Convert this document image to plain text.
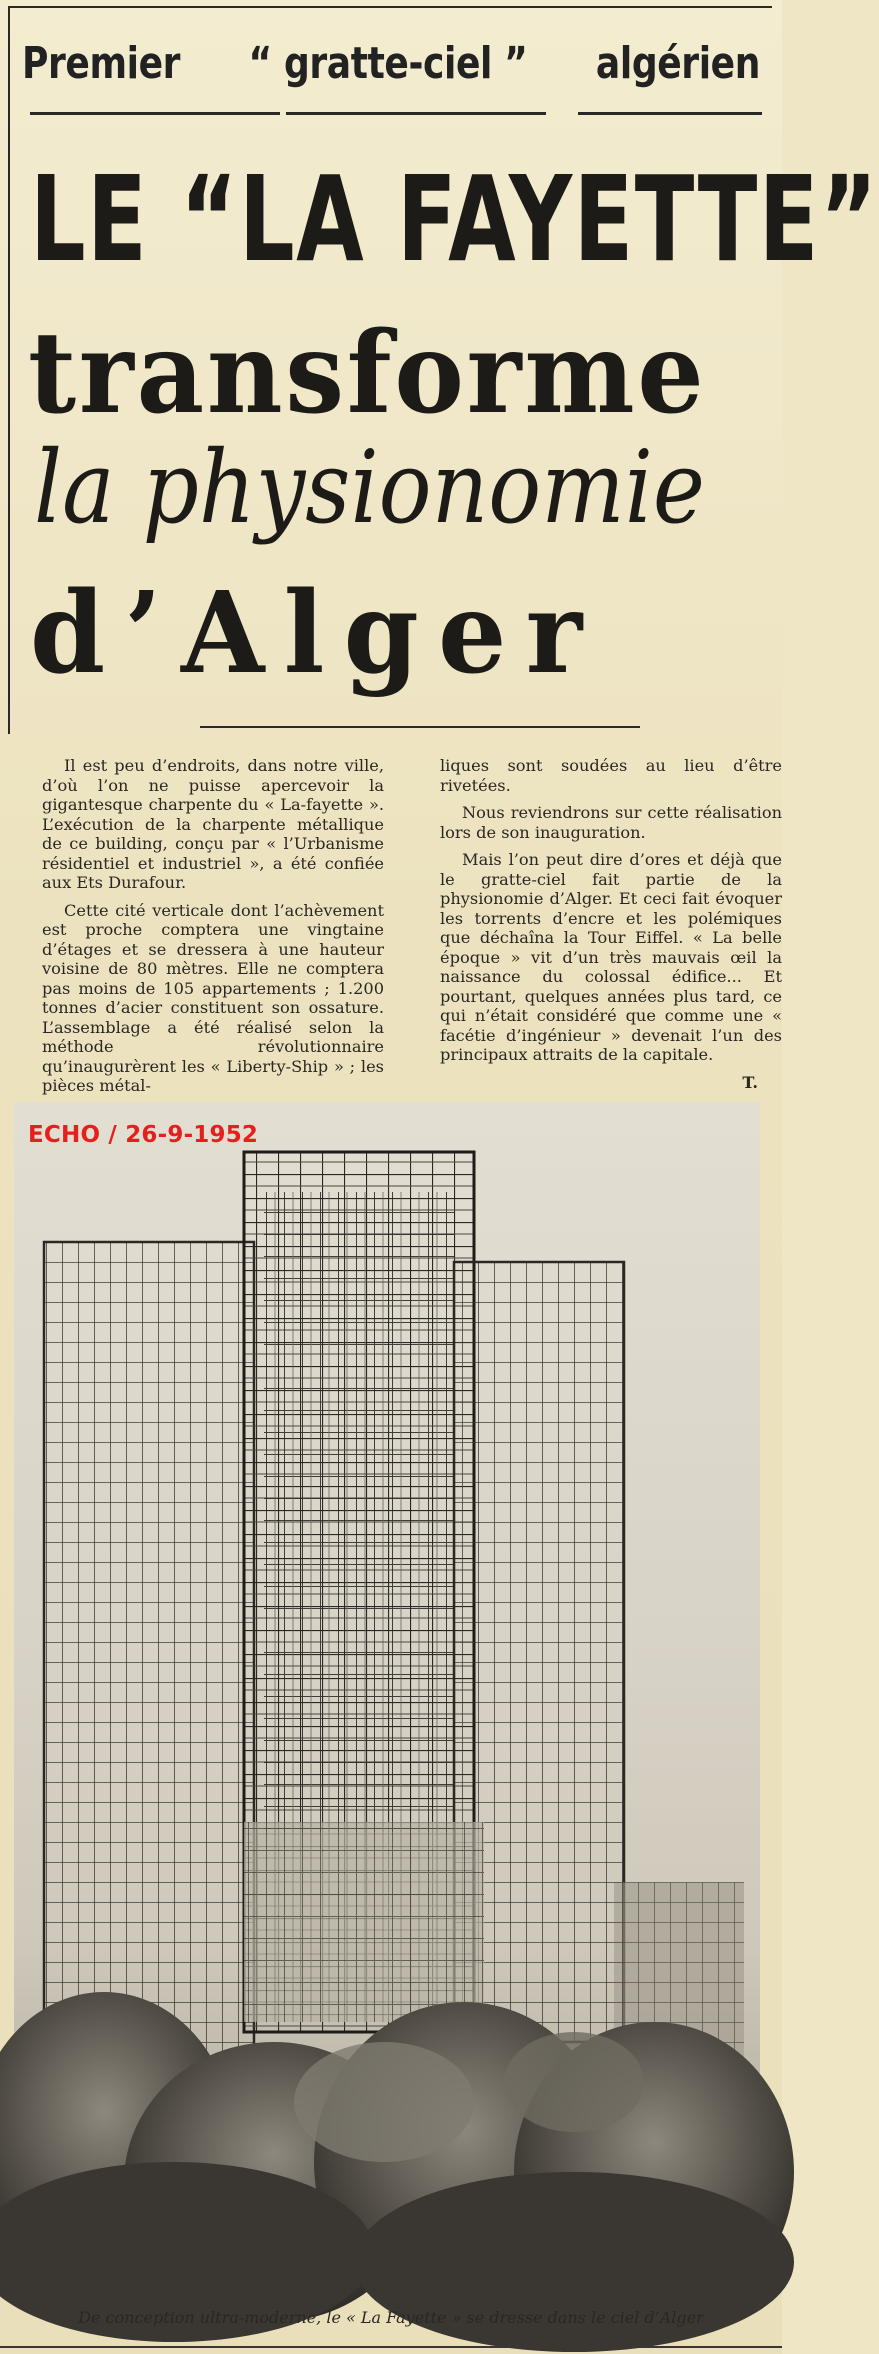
Premier “ gratte-ciel ” algérien
LE “LA FAYETTE”
transforme
la physionomie
d’Alger

Il est peu d’endroits, dans notre ville, d’où l’on ne puisse apercevoir la gigantesque charpente du « La-fayette ». L’exécution de la charpente métallique de ce building, conçu par « l’Urbanisme résidentiel et industriel », a été confiée aux Ets Durafour.

Cette cité verticale dont l’achèvement est proche comptera une vingtaine d’étages et se dressera à une hauteur voisine de 80 mètres. Elle ne comptera pas moins de 105 appartements ; 1.200 tonnes d’acier constituent son ossature. L’assemblage a été réalisé selon la méthode révolutionnaire qu’inaugurèrent les « Liberty-Ship » ; les pièces métal-

liques sont soudées au lieu d’être rivetées.

Nous reviendrons sur cette réalisation lors de son inauguration.

Mais l’on peut dire d’ores et déjà que le gratte-ciel fait partie de la physionomie d’Alger. Et ceci fait évoquer les torrents d’encre et les polémiques que déchaîna la Tour Eiffel. « La belle époque » vit d’un très mauvais œil la naissance du colossal édifice... Et pourtant, quelques années plus tard, ce qui n’était considéré que comme une « facétie d’ingénieur » devenait l’un des principaux attraits de la capitale.

T.
ECHO / 26-9-1952
De conception ultra-moderne, le « La Fayette » se dresse dans le ciel d’Alger
